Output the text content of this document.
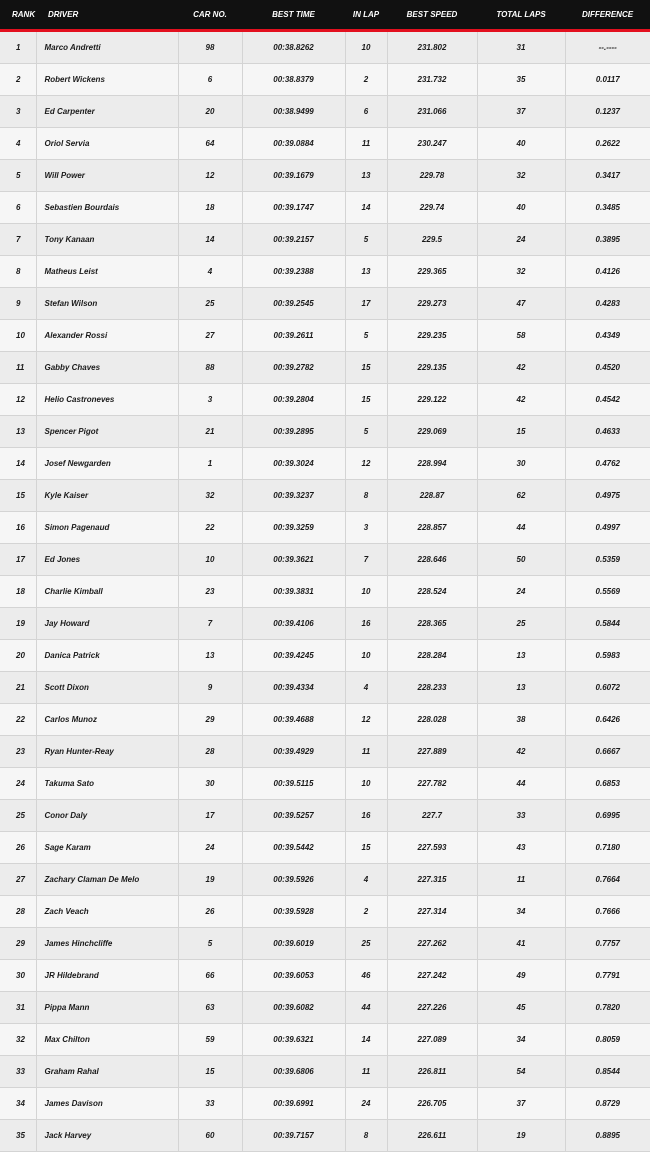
RANK	DRIVER	CAR NO.	BEST TIME	IN LAP	BEST SPEED	TOTAL LAPS	DIFFERENCE
1	Marco Andretti	98	00:38.8262	10	231.802	31	--.----
2	Robert Wickens	6	00:38.8379	2	231.732	35	0.0117
3	Ed Carpenter	20	00:38.9499	6	231.066	37	0.1237
4	Oriol Servia	64	00:39.0884	11	230.247	40	0.2622
5	Will Power	12	00:39.1679	13	229.78	32	0.3417
6	Sebastien Bourdais	18	00:39.1747	14	229.74	40	0.3485
7	Tony Kanaan	14	00:39.2157	5	229.5	24	0.3895
8	Matheus Leist	4	00:39.2388	13	229.365	32	0.4126
9	Stefan Wilson	25	00:39.2545	17	229.273	47	0.4283
10	Alexander Rossi	27	00:39.2611	5	229.235	58	0.4349
11	Gabby Chaves	88	00:39.2782	15	229.135	42	0.4520
12	Helio Castroneves	3	00:39.2804	15	229.122	42	0.4542
13	Spencer Pigot	21	00:39.2895	5	229.069	15	0.4633
14	Josef Newgarden	1	00:39.3024	12	228.994	30	0.4762
15	Kyle Kaiser	32	00:39.3237	8	228.87	62	0.4975
16	Simon Pagenaud	22	00:39.3259	3	228.857	44	0.4997
17	Ed Jones	10	00:39.3621	7	228.646	50	0.5359
18	Charlie Kimball	23	00:39.3831	10	228.524	24	0.5569
19	Jay Howard	7	00:39.4106	16	228.365	25	0.5844
20	Danica Patrick	13	00:39.4245	10	228.284	13	0.5983
21	Scott Dixon	9	00:39.4334	4	228.233	13	0.6072
22	Carlos Munoz	29	00:39.4688	12	228.028	38	0.6426
23	Ryan Hunter-Reay	28	00:39.4929	11	227.889	42	0.6667
24	Takuma Sato	30	00:39.5115	10	227.782	44	0.6853
25	Conor Daly	17	00:39.5257	16	227.7	33	0.6995
26	Sage Karam	24	00:39.5442	15	227.593	43	0.7180
27	Zachary Claman De Melo	19	00:39.5926	4	227.315	11	0.7664
28	Zach Veach	26	00:39.5928	2	227.314	34	0.7666
29	James Hinchcliffe	5	00:39.6019	25	227.262	41	0.7757
30	JR Hildebrand	66	00:39.6053	46	227.242	49	0.7791
31	Pippa Mann	63	00:39.6082	44	227.226	45	0.7820
32	Max Chilton	59	00:39.6321	14	227.089	34	0.8059
33	Graham Rahal	15	00:39.6806	11	226.811	54	0.8544
34	James Davison	33	00:39.6991	24	226.705	37	0.8729
35	Jack Harvey	60	00:39.7157	8	226.611	19	0.8895
